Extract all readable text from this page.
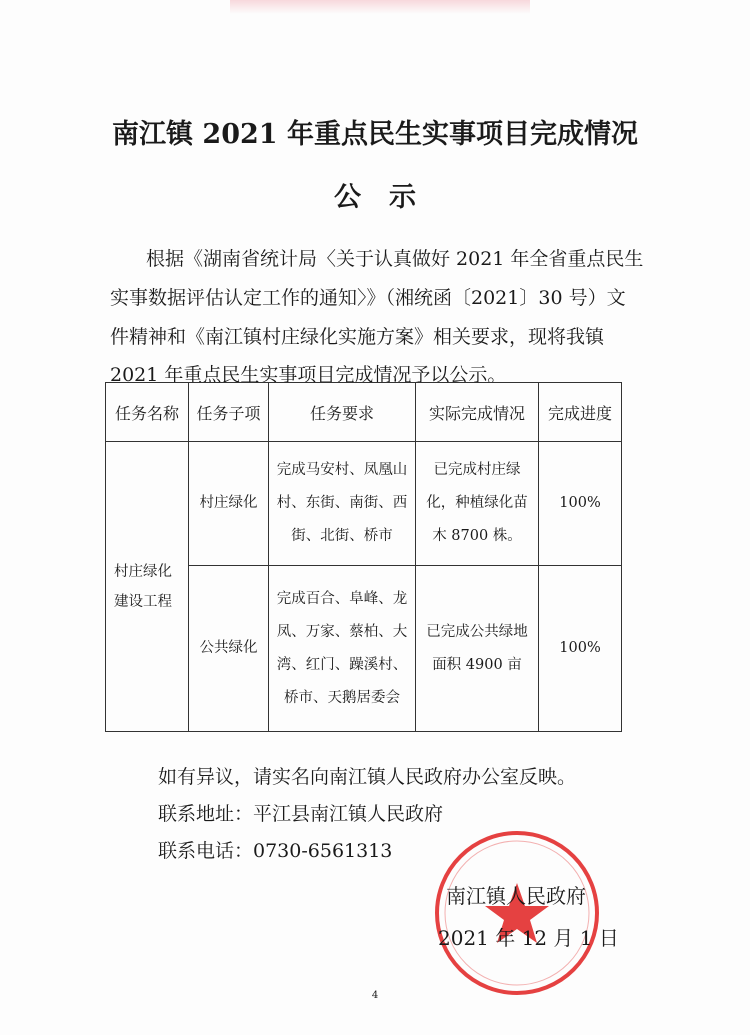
南江镇 2021 年重点民生实事项目完成情况
公示
根据《湖南省统计局〈关于认真做好 2021 年全省重点民生
实事数据评估认定工作的通知〉》（湘统函〔2021〕30 号）文
件精神和《南江镇村庄绿化实施方案》相关要求，现将我镇
2021 年重点民生实事项目完成情况予以公示。
任务名称	任务子项	任务要求	实际完成情况	完成进度
村庄绿化建设工程	村庄绿化	完成马安村、凤凰山村、东街、南街、西街、北街、桥市	已完成村庄绿化，种植绿化苗木 8700 株。	100%
	公共绿化	完成百合、阜峰、龙凤、万家、蔡柏、大湾、红门、躁溪村、桥市、天鹅居委会	已完成公共绿地面积 4900 亩	100%
如有异议，请实名向南江镇人民政府办公室反映。
联系地址：平江县南江镇人民政府
联系电话：0730-6561313
南江镇人民政府
2021 年 12 月 1 日
4
